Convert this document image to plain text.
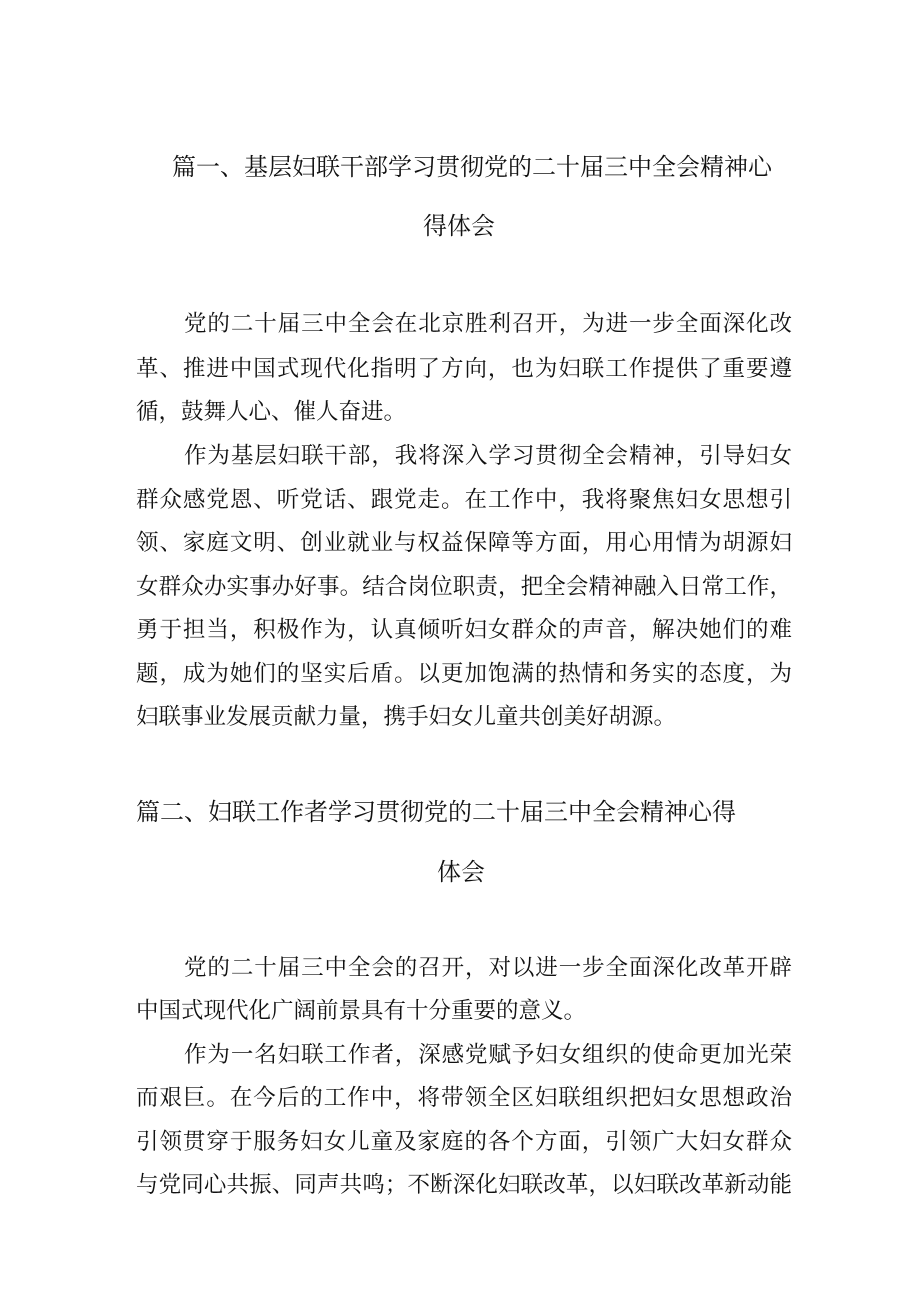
篇一、基层妇联干部学习贯彻党的二十届三中全会精神心
得体会
党的二十届三中全会在北京胜利召开，为进一步全面深化改
革、推进中国式现代化指明了方向，也为妇联工作提供了重要遵
循，鼓舞人心、催人奋进。
作为基层妇联干部，我将深入学习贯彻全会精神，引导妇女
群众感党恩、听党话、跟党走。在工作中，我将聚焦妇女思想引
领、家庭文明、创业就业与权益保障等方面，用心用情为胡源妇
女群众办实事办好事。结合岗位职责，把全会精神融入日常工作，
勇于担当，积极作为，认真倾听妇女群众的声音，解决她们的难
题，成为她们的坚实后盾。以更加饱满的热情和务实的态度，为
妇联事业发展贡献力量，携手妇女儿童共创美好胡源。
篇二、妇联工作者学习贯彻党的二十届三中全会精神心得
体会
党的二十届三中全会的召开，对以进一步全面深化改革开辟
中国式现代化广阔前景具有十分重要的意义。
作为一名妇联工作者，深感党赋予妇女组织的使命更加光荣
而艰巨。在今后的工作中，将带领全区妇联组织把妇女思想政治
引领贯穿于服务妇女儿童及家庭的各个方面，引领广大妇女群众
与党同心共振、同声共鸣；不断深化妇联改革，以妇联改革新动能
